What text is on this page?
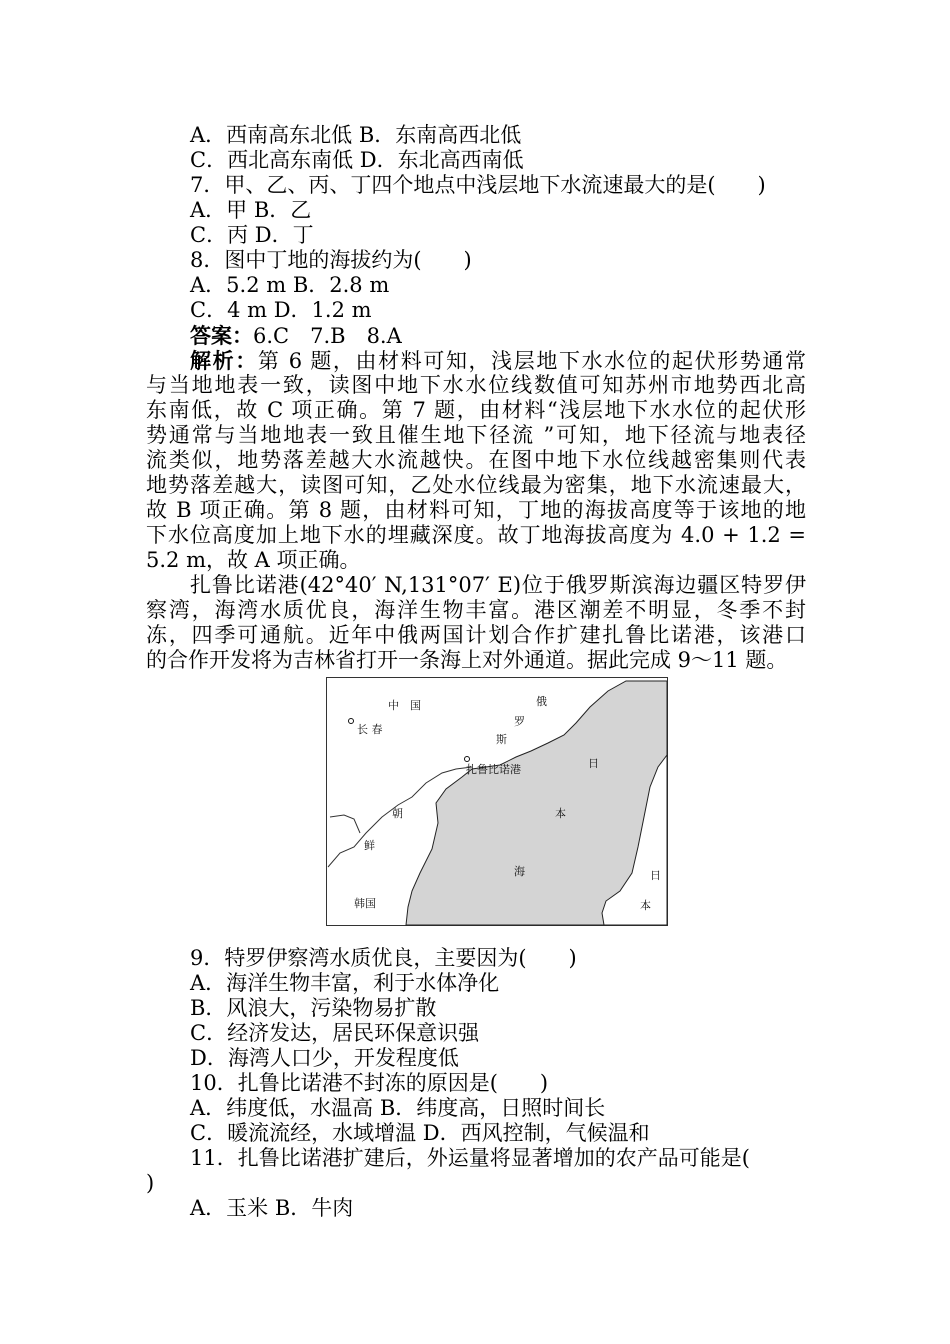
A．西南高东北低 B．东南高西北低
C．西北高东南低 D．东北高西南低
7．甲、乙、丙、丁四个地点中浅层地下水流速最大的是(　　)
A．甲 B．乙
C．丙 D．丁
8．图中丁地的海拔约为(　　)
A．5.2 m B．2.8 m
C．4 m D．1.2 m
答案：6.C　7.B　8.A
解析：第 6 题，由材料可知，浅层地下水水位的起伏形势通常
与当地地表一致，读图中地下水水位线数值可知苏州市地势西北高
东南低，故 C 项正确。第 7 题，由材料“浅层地下水水位的起伏形
势通常与当地地表一致且催生地下径流 ”可知，地下径流与地表径
流类似，地势落差越大水流越快。在图中地下水位线越密集则代表
地势落差越大，读图可知，乙处水位线最为密集，地下水流速最大，
故 B 项正确。第 8 题，由材料可知，丁地的海拔高度等于该地的地
下水位高度加上地下水的埋藏深度。故丁地海拔高度为 4.0 + 1.2 =
5.2 m，故 A 项正确。
扎鲁比诺港(42°40′ N,131°07′ E)位于俄罗斯滨海边疆区特罗伊
察湾，海湾水质优良，海洋生物丰富。港区潮差不明显，冬季不封
冻，四季可通航。近年中俄两国计划合作扩建扎鲁比诺港，该港口
的合作开发将为吉林省打开一条海上对外通道。据此完成 9～11 题。
中　国
长 春
俄
罗
斯
扎鲁比诺港	日
本
海
朝
鲜
韩国
日
本
9．特罗伊察湾水质优良，主要因为(　　)
A．海洋生物丰富，利于水体净化
B．风浪大，污染物易扩散
C．经济发达，居民环保意识强
D．海湾人口少，开发程度低
10．扎鲁比诺港不封冻的原因是(　　)
A．纬度低，水温高 B．纬度高，日照时间长
C．暖流流经，水域增温 D．西风控制，气候温和
11．扎鲁比诺港扩建后，外运量将显著增加的农产品可能是(
)
A．玉米 B．牛肉
